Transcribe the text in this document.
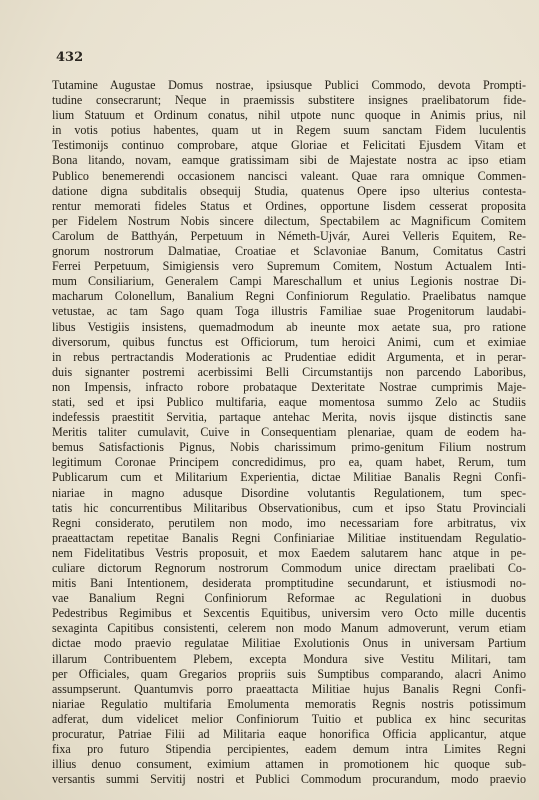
432
Tutamine Augustae Domus nostrae, ipsiusque Publici Commodo, devota Prompti-
tudine consecrarunt; Neque in praemissis substitere insignes praelibatorum fide-
lium Statuum et Ordinum conatus, nihil utpote nunc quoque in Animis prius, nil
in votis potius habentes, quam ut in Regem suum sanctam Fidem luculentis
Testimonijs continuo comprobare, atque Gloriae et Felicitati Ejusdem Vitam et
Bona litando, novam, eamque gratissimam sibi de Majestate nostra ac ipso etiam
Publico benemerendi occasionem nancisci valeant. Quae rara omnique Commen-
datione digna subditalis obsequij Studia, quatenus Opere ipso ulterius contesta-
rentur memorati fideles Status et Ordines, opportune Iisdem cesserat proposita
per Fidelem Nostrum Nobis sincere dilectum, Spectabilem ac Magnificum Comitem
Carolum de Batthyán, Perpetuum in Németh-Ujvár, Aurei Velleris Equitem, Re-
gnorum nostrorum Dalmatiae, Croatiae et Sclavoniae Banum, Comitatus Castri
Ferrei Perpetuum, Simigiensis vero Supremum Comitem, Nostum Actualem Inti-
mum Consiliarium, Generalem Campi Mareschallum et unius Legionis nostrae Di-
macharum Colonellum, Banalium Regni Confiniorum Regulatio. Praelibatus namque
vetustae, ac tam Sago quam Toga illustris Familiae suae Progenitorum laudabi-
libus Vestigiis insistens, quemadmodum ab ineunte mox aetate sua, pro ratione
diversorum, quibus functus est Officiorum, tum heroici Animi, cum et eximiae
in rebus pertractandis Moderationis ac Prudentiae edidit Argumenta, et in perar-
duis signanter postremi acerbissimi Belli Circumstantijs non parcendo Laboribus,
non Impensis, infracto robore probataque Dexteritate Nostrae cumprimis Maje-
stati, sed et ipsi Publico multifaria, eaque momentosa summo Zelo ac Studiis
indefessis praestitit Servitia, partaque antehac Merita, novis ijsque distinctis sane
Meritis taliter cumulavit, Cuive in Consequentiam plenariae, quam de eodem ha-
bemus Satisfactionis Pignus, Nobis charissimum primo-genitum Filium nostrum
legitimum Coronae Principem concredidimus, pro ea, quam habet, Rerum, tum
Publicarum cum et Militarium Experientia, dictae Militiae Banalis Regni Confi-
niariae in magno adusque Disordine volutantis Regulationem, tum spec-
tatis hic concurrentibus Militaribus Observationibus, cum et ipso Statu Provinciali
Regni considerato, perutilem non modo, imo necessariam fore arbitratus, vix
praeattactam repetitae Banalis Regni Confiniariae Militiae instituendam Regulatio-
nem Fidelitatibus Vestris proposuit, et mox Eaedem salutarem hanc atque in pe-
culiare dictorum Regnorum nostrorum Commodum unice directam praelibati Co-
mitis Bani Intentionem, desiderata promptitudine secundarunt, et istiusmodi no-
vae Banalium Regni Confiniorum Reformae ac Regulationi in duobus
Pedestribus Regimibus et Sexcentis Equitibus, universim vero Octo mille ducentis
sexaginta Capitibus consistenti, celerem non modo Manum admoverunt, verum etiam
dictae modo praevio regulatae Militiae Exolutionis Onus in universam Partium
illarum Contribuentem Plebem, excepta Mondura sive Vestitu Militari, tam
per Officiales, quam Gregarios propriis suis Sumptibus comparando, alacri Animo
assumpserunt. Quantumvis porro praeattacta Militiae hujus Banalis Regni Confi-
niariae Regulatio multifaria Emolumenta memoratis Regnis nostris potissimum
adferat, dum videlicet melior Confiniorum Tuitio et publica ex hinc securitas
procuratur, Patriae Filii ad Militaria eaque honorifica Officia applicantur, atque
fixa pro futuro Stipendia percipientes, eadem demum intra Limites Regni
illius denuo consument, eximium attamen in promotionem hic quoque sub-
versantis summi Servitij nostri et Publici Commodum procurandum, modo praevio
